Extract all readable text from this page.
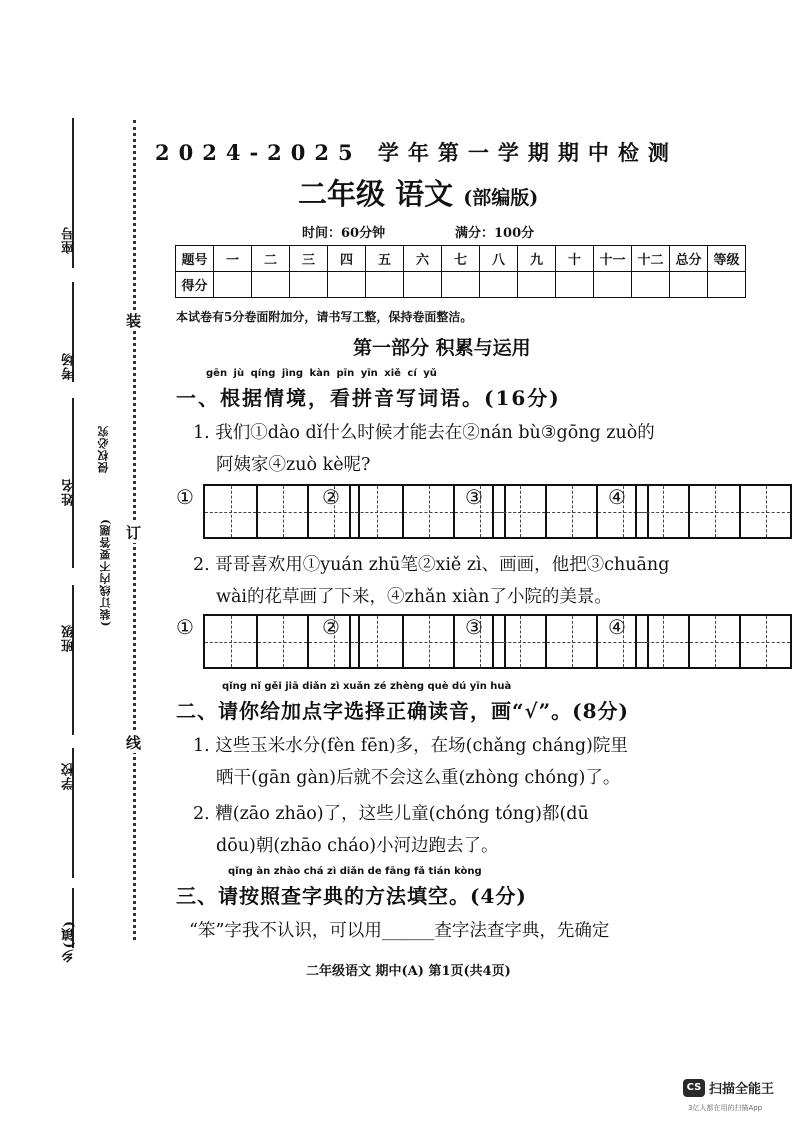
座号
考场
姓名
班级
学校
乡(镇)
侵权必究
(装订线内不要答题)
装
订
线
2024-2025 学年第一学期期中检测
二年级 语文 (部编版)
时间：60分钟	满分：100分
题号	一	二	三	四	五	六	七	八	九	十	十一	十二	总分	等级
得分														
本试卷有5分卷面附加分，请书写工整，保持卷面整洁。
第一部分 积累与运用
gēn jù qíng jìng kàn pīn yīn xiě cí yǔ
一、根据情境，看拼音写词语。(16分)
1. 我们①dào dǐ什么时候才能去在②nán bù③gōng zuò的
阿姨家④zuò kè呢?
①	②	③	④
2. 哥哥喜欢用①yuán zhū笔②xiě zì、画画，他把③chuāng
wài的花草画了下来，④zhǎn xiàn了小院的美景。
①	②	③	④
qǐng nǐ gěi jiā diǎn zì xuǎn zé zhèng què dú yīn huà
二、请你给加点字选择正确读音，画“√”。(8分)
1. 这些玉米水分(fèn fēn)多，在场(chǎng cháng)院里
晒干(gān gàn)后就不会这么重(zhòng chóng)了。
2. 糟(zāo zhāo)了，这些儿童(chóng tóng)都(dū
dōu)朝(zhāo cháo)小河边跑去了。
qǐng àn zhào chá zì diǎn de fāng fǎ tián kòng
三、请按照查字典的方法填空。(4分)
“笨”字我不认识，可以用______查字法查字典，先确定
二年级语文 期中(A) 第1页(共4页)
CS 扫描全能王
3亿人都在用的扫描App
